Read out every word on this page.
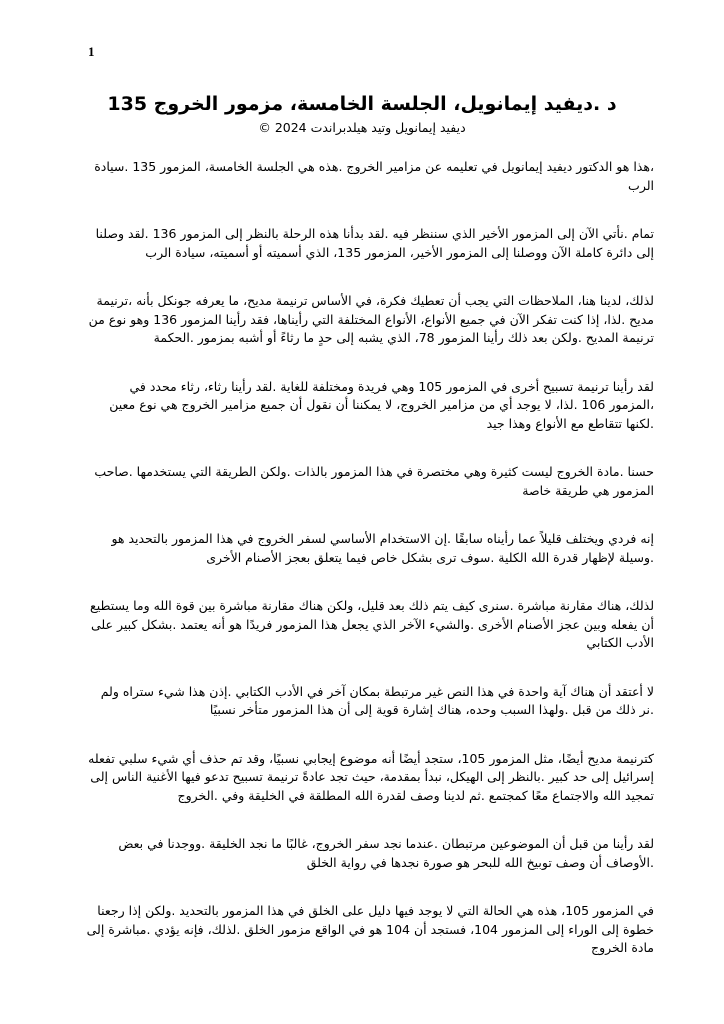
1
د .ديفيد إيمانويل، الجلسة الخامسة، مزمور الخروج 135
ديفيد إيمانويل وتيد هيلدبراندت 2024 ©

،هذا هو الدكتور ديفيد إيمانويل في تعليمه عن مزامير الخروج .هذه هي الجلسة الخامسة، المزمور 135 .سيادة الرب

تمام .نأتي الآن إلى المزمور الأخير الذي سننظر فيه .لقد بدأنا هذه الرحلة بالنظر إلى المزمور 136 .لقد وصلنا إلى دائرة كاملة الآن ووصلنا إلى المزمور الأخير، المزمور 135، الذي أسميته أو أسميته، سيادة الرب

لذلك، لدينا هنا، الملاحظات التي يجب أن تعطيك فكرة، في الأساس ترنيمة مديح، ما يعرفه جونكل بأنه ،ترنيمة مديح .لذا، إذا كنت تفكر الآن في جميع الأنواع، الأنواع المختلفة التي رأيناها، فقد رأينا المزمور 136 وهو نوع من ترنيمة المديح .ولكن بعد ذلك رأينا المزمور 78، الذي يشبه إلى حدٍ ما رثاءً أو أشبه بمزمور .الحكمة

لقد رأينا ترنيمة تسبيح أخرى في المزمور 105 وهي فريدة ومختلفة للغاية .لقد رأينا رثاء، رثاء محدد في ،المزمور 106 .لذا، لا يوجد أي من مزامير الخروج، لا يمكننا أن نقول أن جميع مزامير الخروج هي نوع معين .لكنها تتقاطع مع الأنواع وهذا جيد

حسنا .مادة الخروج ليست كثيرة وهي مختصرة في هذا المزمور بالذات .ولكن الطريقة التي يستخدمها .صاحب المزمور هي طريقة خاصة

إنه فردي ويختلف قليلاً عما رأيناه سابقًا .إن الاستخدام الأساسي لسفر الخروج في هذا المزمور بالتحديد هو .وسيلة لإظهار قدرة الله الكلية .سوف ترى بشكل خاص فيما يتعلق بعجز الأصنام الأخرى

لذلك، هناك مقارنة مباشرة .سنرى كيف يتم ذلك بعد قليل، ولكن هناك مقارنة مباشرة بين قوة الله وما يستطيع أن يفعله وبين عجز الأصنام الأخرى .والشيء الآخر الذي يجعل هذا المزمور فريدًا هو أنه يعتمد .بشكل كبير على الأدب الكتابي

لا أعتقد أن هناك آية واحدة في هذا النص غير مرتبطة بمكان آخر في الأدب الكتابي .إذن هذا شيء ستراه ولم .نر ذلك من قبل .ولهذا السبب وحده، هناك إشارة قوية إلى أن هذا المزمور متأخر نسبيًا

كترنيمة مديح أيضًا، مثل المزمور 105، ستجد أيضًا أنه موضوع إيجابي نسبيًا، وقد تم حذف أي شيء سلبي تفعله إسرائيل إلى حد كبير .بالنظر إلى الهيكل، نبدأ بمقدمة، حيث تجد عادةً ترنيمة تسبيح تدعو فيها الأغنية الناس إلى تمجيد الله والاجتماع معًا كمجتمع .ثم لدينا وصف لقدرة الله المطلقة في الخليقة وفي .الخروج

لقد رأينا من قبل أن الموضوعين مرتبطان .عندما نجد سفر الخروج، غالبًا ما نجد الخليقة .ووجدنا في بعض .الأوصاف أن وصف توبيخ الله للبحر هو صورة نجدها في رواية الخلق

في المزمور 105، هذه هي الحالة التي لا يوجد فيها دليل على الخلق في هذا المزمور بالتحديد .ولكن إذا رجعنا خطوة إلى الوراء إلى المزمور 104، فستجد أن 104 هو في الواقع مزمور الخلق .لذلك، فإنه يؤدي .مباشرة إلى مادة الخروج
